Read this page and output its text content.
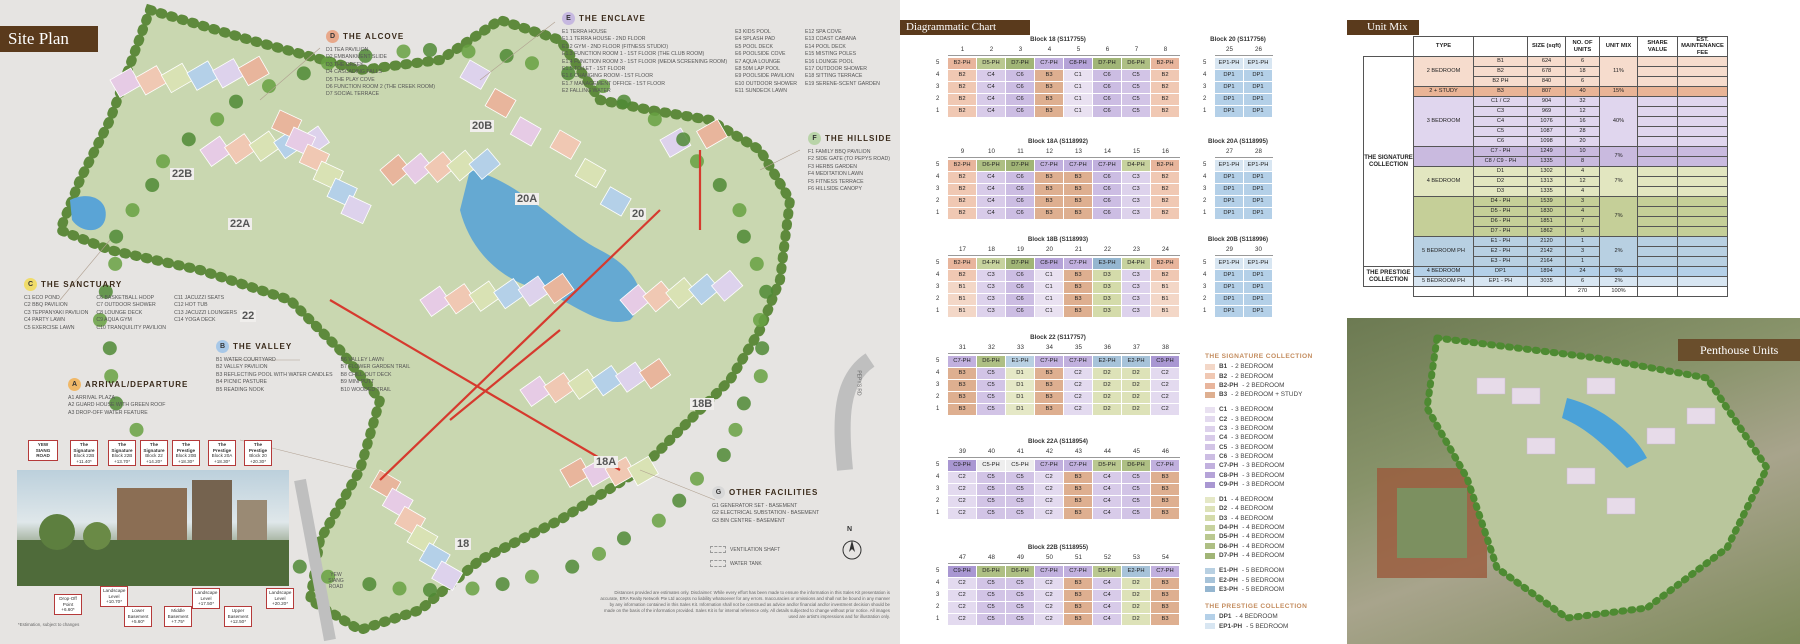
Site Plan
22B
22A
22
20B
20A
20
18B
18A
18
YEW SIANG ROAD
D THE ALCOVE
D1 TEA PAVILION
D2 EMBANKMENT SLIDE
D3 THE CREEK
D4 CASCADING FALLS
D5 THE PLAY COVE
D6 FUNCTION ROOM 2 (THE CREEK ROOM)
D7 SOCIAL TERRACE
E	THE ENCLAVE
E1 TERRA HOUSE
E1.1 TERRA HOUSE - 2ND FLOOR
E1.2 GYM - 2ND FLOOR (FITNESS STUDIO)
E1.3 FUNCTION ROOM 1 - 1ST FLOOR (THE CLUB ROOM)
E1.4 FUNCTION ROOM 3 - 1ST FLOOR (MEDIA SCREENING ROOM)
E1.5 TOILET - 1ST FLOOR
E1.6 CHANGING ROOM - 1ST FLOOR
E1.7 MANAGEMENT OFFICE - 1ST FLOOR
E2 FALLING WATER
E3 KIDS POOL
E4 SPLASH PAD
E5 POOL DECK
E6 POOLSIDE COVE
E7 AQUA LOUNGE
E8 50M LAP POOL
E9 POOLSIDE PAVILION
E10 OUTDOOR SHOWER
E11 SUNDECK LAWN
E12 SPA COVE
E13 COAST CABANA
E14 POOL DECK
E15 MISTING POLES
E16 LOUNGE POOL
E17 OUTDOOR SHOWER
E18 SITTING TERRACE
E19 SERENE-SCENT GARDEN
F	THE HILLSIDE
F1 FAMILY BBQ PAVILION
F2 SIDE GATE (TO PEPYS ROAD)
F3 HERBS GARDEN
F4 MEDITATION LAWN
F5 FITNESS TERRACE
F6 HILLSIDE CANOPY
C THE SANCTUARY
C1 ECO POND
C2 BBQ PAVILION
C3 TEPPANYAKI PAVILION
C4 PARTY LAWN
C5 EXERCISE LAWN
C6 BASKETBALL HOOP
C7 OUTDOOR SHOWER
C8 LOUNGE DECK
C9 AQUA GYM
C10 TRANQUILITY PAVILION
C11 JACUZZI SEATS
C12 HOT TUB
C13 JACUZZI LOUNGERS
C14 YOGA DECK
B THE VALLEY
B1 WATER COURTYARD
B2 VALLEY PAVILION
B3 REFLECTING POOL WITH WATER CANDLES
B4 PICNIC PASTURE
B5 READING NOOK
B6 VALLEY LAWN
B7 FLOWER GARDEN TRAIL
B8 CHILL-OUT DECK
B9 MINI PUTT
B10 WOODED TRAIL
A ARRIVAL/DEPARTURE
A1 ARRIVAL PLAZA
A2 GUARD HOUSE WITH GREEN ROOF
A3 DROP-OFF WATER FEATURE
G OTHER FACILITIES
G1 GENERATOR SET - BASEMENT
G2 ELECTRICAL SUBSTATION - BASEMENT
G3 BIN CENTRE - BASEMENT
VENTILATION SHAFT
WATER TANK
N
PEPYS RD
YEW SIANG ROAD
The Signature
Block 22B
+11.40*
The Signature
Block 22B
+13.70*
The Signature
Block 22
+14.20*
The Prestige
Block 20B
+18.30*
The Prestige
Block 20A
+18.30*
The Prestige
Block 20
+20.30*
Drop-Off Point
+6.60*
Landscape Level
+10.70*
Lower Basement
+5.60*
Middle Basement
+7.75*
Landscape Level
+17.50*
Upper Basement
+12.50*
Landscape Level
+20.20*
*Estimation, subject to changes
Distances provided are estimates only. Disclaimer: While every effort has been made to ensure the information in this Sales Kit presentation is accurate, ERA Realty Network Pte Ltd accepts no liability whatsoever for any errors. Inaccuracies or omissions and shall not be bound in any manner by any information contained in this Sales Kit. Information shall not be construed as advice and/or financial and/or investment decision should be made on the basis of the information provided. Sales Kit is for internal reference only. All details subjected to change without prior notice. All images used are artist's impressions and for illustration only.
Diagrammatic Chart
Block 18 (S117755)
1	2	3	4	5	6	7	8
5	B2-PH	D5-PH	D7-PH	C7-PH	C8-PH	D7-PH	D6-PH	B2-PH
4	B2	C4	C6	B3	C1	C6	C5	B2
3	B2	C4	C6	B3	C1	C6	C5	B2
2	B2	C4	C6	B3	C1	C6	C5	B2
1	B2	C4	C6	B3	C1	C6	C5	B2
Block 18A (S118992)
9	10	11	12	13	14	15	16
5	B2-PH	D6-PH	D7-PH	C7-PH	C7-PH	C7-PH	D4-PH	B2-PH
4	B2	C4	C6	B3	B3	C6	C3	B2
3	B2	C4	C6	B3	B3	C6	C3	B2
2	B2	C4	C6	B3	B3	C6	C3	B2
1	B2	C4	C6	B3	B3	C6	C3	B2
Block 18B (S118993)
17	18	19	20	21	22	23	24
5	B2-PH	D4-PH	D7-PH	C8-PH	C7-PH	E3-PH	D4-PH	B2-PH
4	B2	C3	C6	C1	B3	D3	C3	B2
3	B1	C3	C6	C1	B3	D3	C3	B1
2	B1	C3	C6	C1	B3	D3	C3	B1
1	B1	C3	C6	C1	B3	D3	C3	B1
Block 22 (S117757)
31	32	33	34	35	36	37	38
5	C7-PH	D6-PH	E1-PH	C7-PH	C7-PH	E2-PH	E2-PH	C9-PH
4	B3	C5	D1	B3	C2	D2	D2	C2
3	B3	C5	D1	B3	C2	D2	D2	C2
2	B3	C5	D1	B3	C2	D2	D2	C2
1	B3	C5	D1	B3	C2	D2	D2	C2
Block 22A (S118954)
39	40	41	42	43	44	45	46
5	C9-PH	C5-PH	C5-PH	C7-PH	C7-PH	D5-PH	D6-PH	C7-PH
4	C2	C5	C5	C2	B3	C4	C5	B3
3	C2	C5	C5	C2	B3	C4	C5	B3
2	C2	C5	C5	C2	B3	C4	C5	B3
1	C2	C5	C5	C2	B3	C4	C5	B3
Block 22B (S118955)
47	48	49	50	51	52	53	54
5	C9-PH	D6-PH	D6-PH	C7-PH	C7-PH	D5-PH	E2-PH	C7-PH
4	C2	C5	C5	C2	B3	C4	D2	B3
3	C2	C5	C5	C2	B3	C4	D2	B3
2	C2	C5	C5	C2	B3	C4	D2	B3
1	C2	C5	C5	C2	B3	C4	D2	B3
Block 20 (S117756)
25	26
5	EP1-PH	EP1-PH
4	DP1	DP1
3	DP1	DP1
2	DP1	DP1
1	DP1	DP1
Block 20A (S118995)
27	28
5	EP1-PH	EP1-PH
4	DP1	DP1
3	DP1	DP1
2	DP1	DP1
1	DP1	DP1
Block 20B (S118996)
29	30
5	EP1-PH	EP1-PH
4	DP1	DP1
3	DP1	DP1
2	DP1	DP1
1	DP1	DP1
THE SIGNATURE COLLECTION
B1 - 2 BEDROOM
B2 - 2 BEDROOM
B2-PH - 2 BEDROOM
B3 - 2 BEDROOM + STUDY
C1 - 3 BEDROOM
C2 - 3 BEDROOM
C3 - 3 BEDROOM
C4 - 3 BEDROOM
C5 - 3 BEDROOM
C6 - 3 BEDROOM
C7-PH - 3 BEDROOM
C8-PH - 3 BEDROOM
C9-PH - 3 BEDROOM
D1 - 4 BEDROOM
D2 - 4 BEDROOM
D3 - 4 BEDROOM
D4-PH - 4 BEDROOM
D5-PH - 4 BEDROOM
D6-PH - 4 BEDROOM
D7-PH - 4 BEDROOM
E1-PH - 5 BEDROOM
E2-PH - 5 BEDROOM
E3-PH - 5 BEDROOM
THE PRESTIGE COLLECTION
DP1 - 4 BEDROOM
EP1-PH - 5 BEDROOM
Unit Mix
	TYPE		SIZE (sqft)	NO. OF UNITS	UNIT MIX	SHARE VALUE	EST. MAINTENANCE FEE
THE SIGNATURE COLLECTION	2 BEDROOM	B1	624	6	11%		
		B2	678	18			
		B2 PH	840	6			
	2 + STUDY	B3	807	40	15%		
	3 BEDROOM	C1 / C2	904	32	40%		
		C3	969	12			
		C4	1076	16			
		C5	1087	28			
		C6	1098	20			
		C7 - PH	1249	10	7%		
		C8 / C9 - PH	1335	8			
	4 BEDROOM	D1	1302	4	7%		
		D2	1313	12			
		D3	1335	4			
		D4 - PH	1539	3	7%		
		D5 - PH	1830	4			
		D6 - PH	1851	7			
		D7 - PH	1862	5			
	5 BEDROOM PH	E1 - PH	2120	1	2%		
		E2 - PH	2142	3			
		E3 - PH	2164	1			
THE PRESTIGE COLLECTION	4 BEDROOM	DP1	1894	24	9%		
	5 BEDROOM PH	EP1 - PH	3035	6	2%		
				270	100%		
Penthouse Units
